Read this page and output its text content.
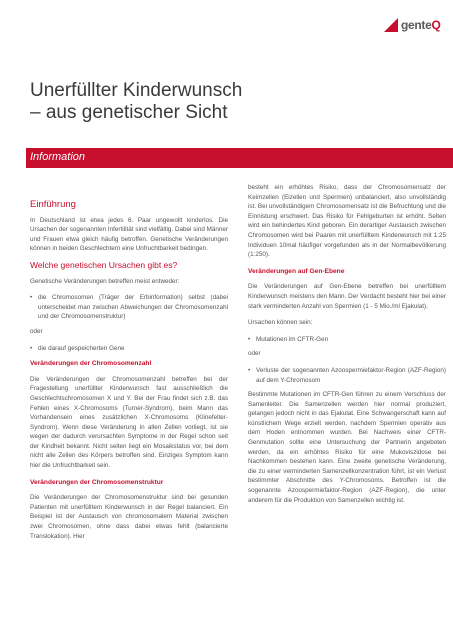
genteQ
Unerfüllter Kinderwunsch
– aus genetischer Sicht
Information
Einführung

In Deutschland ist etwa jedes 6. Paar ungewollt kinderlos. Die Ursachen der sogenannten Infertilität sind vielfältig. Dabei sind Männer und Frauen etwa gleich häufig betroffen. Genetische Veränderungen können in beiden Geschlechtern eine Unfruchtbarkeit bedingen.

Welche genetischen Ursachen gibt es?

Genetische Veränderungen betreffen meist entweder:

• die Chromosomen (Träger der Erbinformation) selbst (dabei unterscheidet man zwischen Abweichungen der Chromosomenzahl und der Chromosomenstruktur)

oder

• die darauf gespeicherten Gene
Veränderungen der Chromosomenzahl

Die Veränderungen der Chromosomenzahl betreffen bei der Fragestellung unerfüllter Kinderwunsch fast ausschließlich die Geschlechtschromosomen X und Y. Bei der Frau findet sich z.B. das Fehlen eines X-Chromosoms (Turner-Syndrom), beim Mann das Vorhandensein eines zusätzlichen X-Chromosoms (Klinefelter-Syndrom). Wenn diese Veränderung in allen Zellen vorliegt, ist sie wegen der dadurch verursachten Symptome in der Regel schon seit der Kindheit bekannt. Nicht selten liegt ein Mosaikstatus vor, bei dem nicht alle Zellen des Körpers betroffen sind. Einziges Symptom kann hier die Unfruchtbarkeit sein.

Veränderungen der Chromosomenstruktur

Die Veränderungen der Chromosomenstruktur sind bei gesunden Patienten mit unerfülltem Kinderwunsch in der Regel balanciert. Ein Beispiel ist der Austausch von chromosomalem Material zwischen zwei Chromosomen, ohne dass dabei etwas fehlt (balancierte Translokation). Hier

besteht ein erhöhtes Risiko, dass der Chromosomensatz der Keimzellen (Eizellen und Spermien) unbalanciert, also unvollständig ist. Bei unvollständigem Chromosomensatz ist die Befruchtung und die Einnistung erschwert. Das Risiko für Fehlgeburten ist erhöht. Selten wird ein behindertes Kind geboren. Ein derartiger Austausch zwischen Chromosomen wird bei Paaren mit unerfülltem Kinderwunsch mit 1:25 Individuen 10mal häufiger vorgefunden als in der Normalbevölkerung (1:250).

Veränderungen auf Gen-Ebene

Die Veränderungen auf Gen-Ebene betreffen bei unerfülltem Kinderwunsch meistens den Mann. Der Verdacht besteht hier bei einer stark verminderten Anzahl von Spermien (1 - 5 Mio./ml Ejakulat).

Ursachen können sein:

• Mutationen im CFTR-Gen

oder

• Verluste der sogenannten Azoospermiefaktor-Region (AZF-Region) auf dem Y-Chromosom

Bestimmte Mutationen im CFTR-Gen führen zu einem Verschluss der Samenleiter. Die Samenzellen werden hier normal produziert, gelangen jedoch nicht in das Ejakulat. Eine Schwangerschaft kann auf künstlichem Wege erzielt werden, nachdem Spermien operativ aus dem Hoden entnommen wurden. Bei Nachweis einer CFTR-Genmutation sollte eine Untersuchung der Partnerin angeboten werden, da ein erhöhtes Risiko für eine Mukoviszidose bei Nachkommen bestehen kann. Eine zweite genetische Veränderung, die zu einer verminderten Samenzellkonzentration führt, ist ein Verlust bestimmter Abschnitte des Y-Chromosoms. Betroffen ist die sogenannte Azoospermiefaktor-Region (AZF-Region), die unter anderem für die Produktion von Samenzellen wichtig ist.
